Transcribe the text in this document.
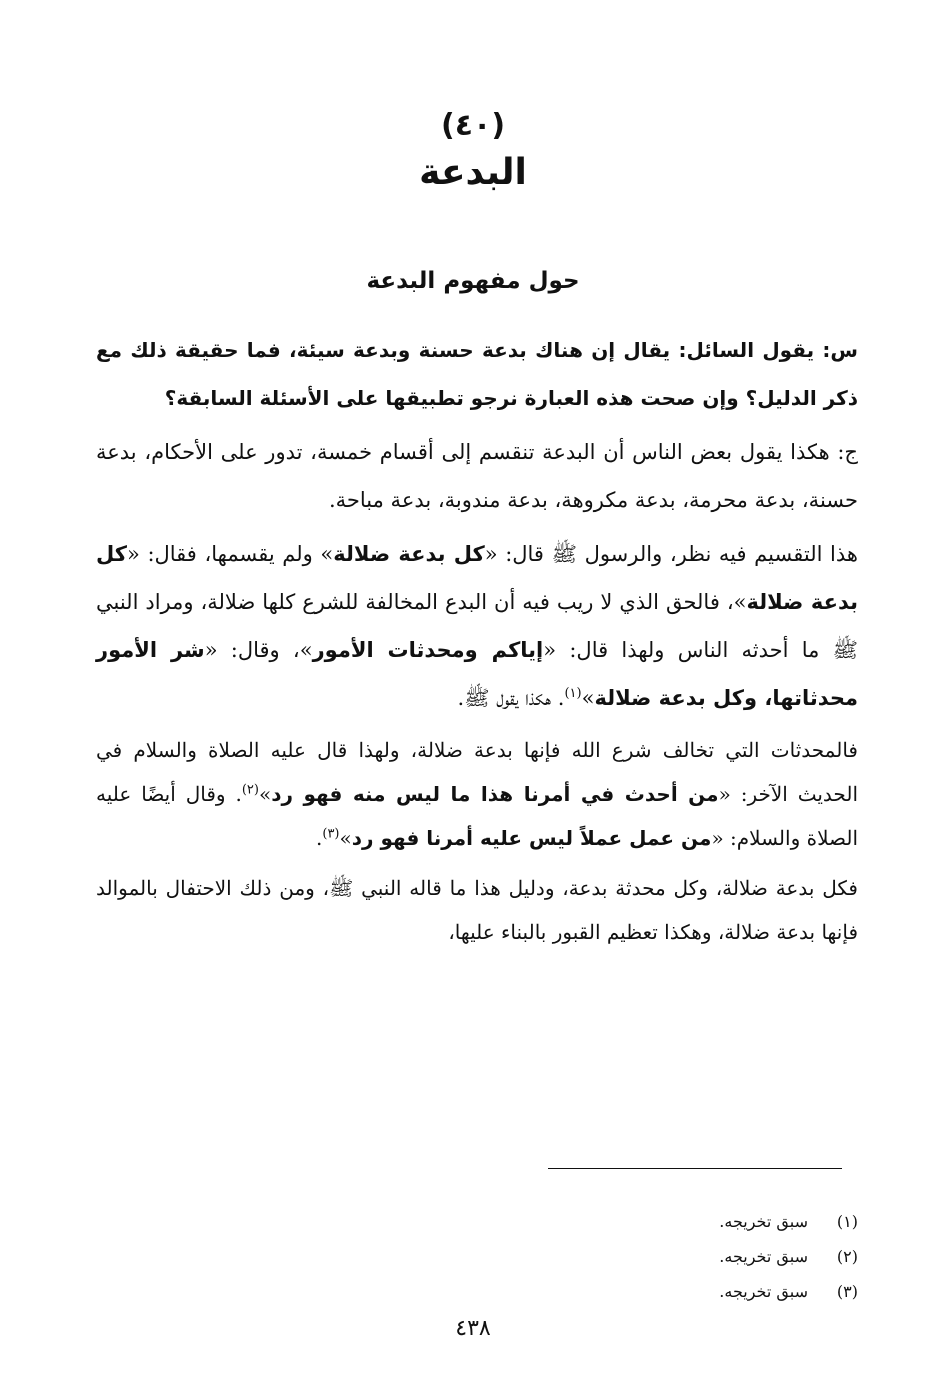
(٤٠)
البدعة
حول مفهوم البدعة

س: يقول السائل: يقال إن هناك بدعة حسنة وبدعة سيئة، فما حقيقة ذلك مع ذكر الدليل؟ وإن صحت هذه العبارة نرجو تطبيقها على الأسئلة السابقة؟

ج: هكذا يقول بعض الناس أن البدعة تنقسم إلى أقسام خمسة، تدور على الأحكام، بدعة حسنة، بدعة محرمة، بدعة مكروهة، بدعة مندوبة، بدعة مباحة.

هذا التقسيم فيه نظر، والرسول ﷺ قال: «كل بدعة ضلالة» ولم يقسمها، فقال: «كل بدعة ضلالة»، فالحق الذي لا ريب فيه أن البدع المخالفة للشرع كلها ضلالة، ومراد النبي ﷺ ما أحدثه الناس ولهذا قال: «إياكم ومحدثات الأمور»، وقال: «شر الأمور محدثاتها، وكل بدعة ضلالة»$^{(١)}$. هكذا يقول ﷺ.

فالمحدثات التي تخالف شرع الله فإنها بدعة ضلالة، ولهذا قال عليه الصلاة والسلام في الحديث الآخر: «من أحدث في أمرنا هذا ما ليس منه فهو رد»$^{(٢)}$. وقال أيضًا عليه الصلاة والسلام: «من عمل عملاً ليس عليه أمرنا فهو رد»$^{(٣)}$.

فكل بدعة ضلالة، وكل محدثة بدعة، ودليل هذا ما قاله النبي ﷺ، ومن ذلك الاحتفال بالموالد فإنها بدعة ضلالة، وهكذا تعظيم القبور بالبناء عليها،

(١)سبق تخريجه.
(٢)سبق تخريجه.
(٣)سبق تخريجه.
٤٣٨
